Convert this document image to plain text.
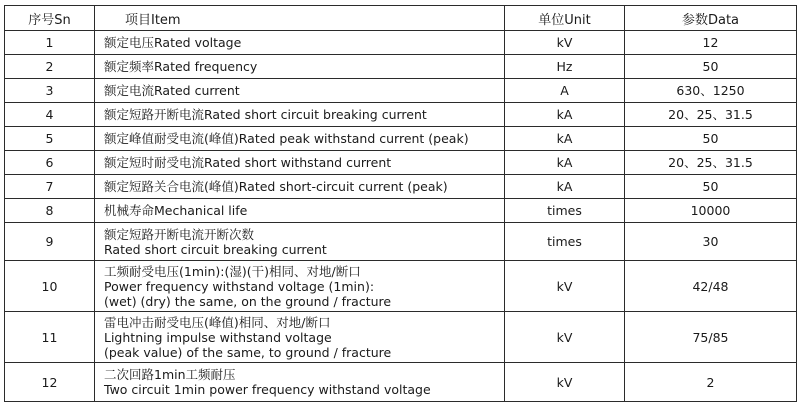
序号Sn	项目Item	单位Unit	参数Data
1	额定电压Rated voltage	kV	12
2	额定频率Rated frequency	Hz	50
3	额定电流Rated current	A	630、1250
4	额定短路开断电流Rated short circuit breaking current	kA	20、25、31.5
5	额定峰值耐受电流(峰值)Rated peak withstand current (peak)	kA	50
6	额定短时耐受电流Rated short withstand current	kA	20、25、31.5
7	额定短路关合电流(峰值)Rated short-circuit current (peak)	kA	50
8	机械寿命Mechanical life	times	10000
9	额定短路开断电流开断次数
Rated short circuit breaking current	times	30
10	工频耐受电压(1min):(湿)(干)相同、对地/断口
Power frequency withstand voltage (1min):
(wet) (dry) the same, on the ground / fracture	kV	42/48
11	雷电冲击耐受电压(峰值)相同、对地/断口
Lightning impulse withstand voltage
(peak value) of the same, to ground / fracture	kV	75/85
12	二次回路1min工频耐压
Two circuit 1min power frequency withstand voltage	kV	2
